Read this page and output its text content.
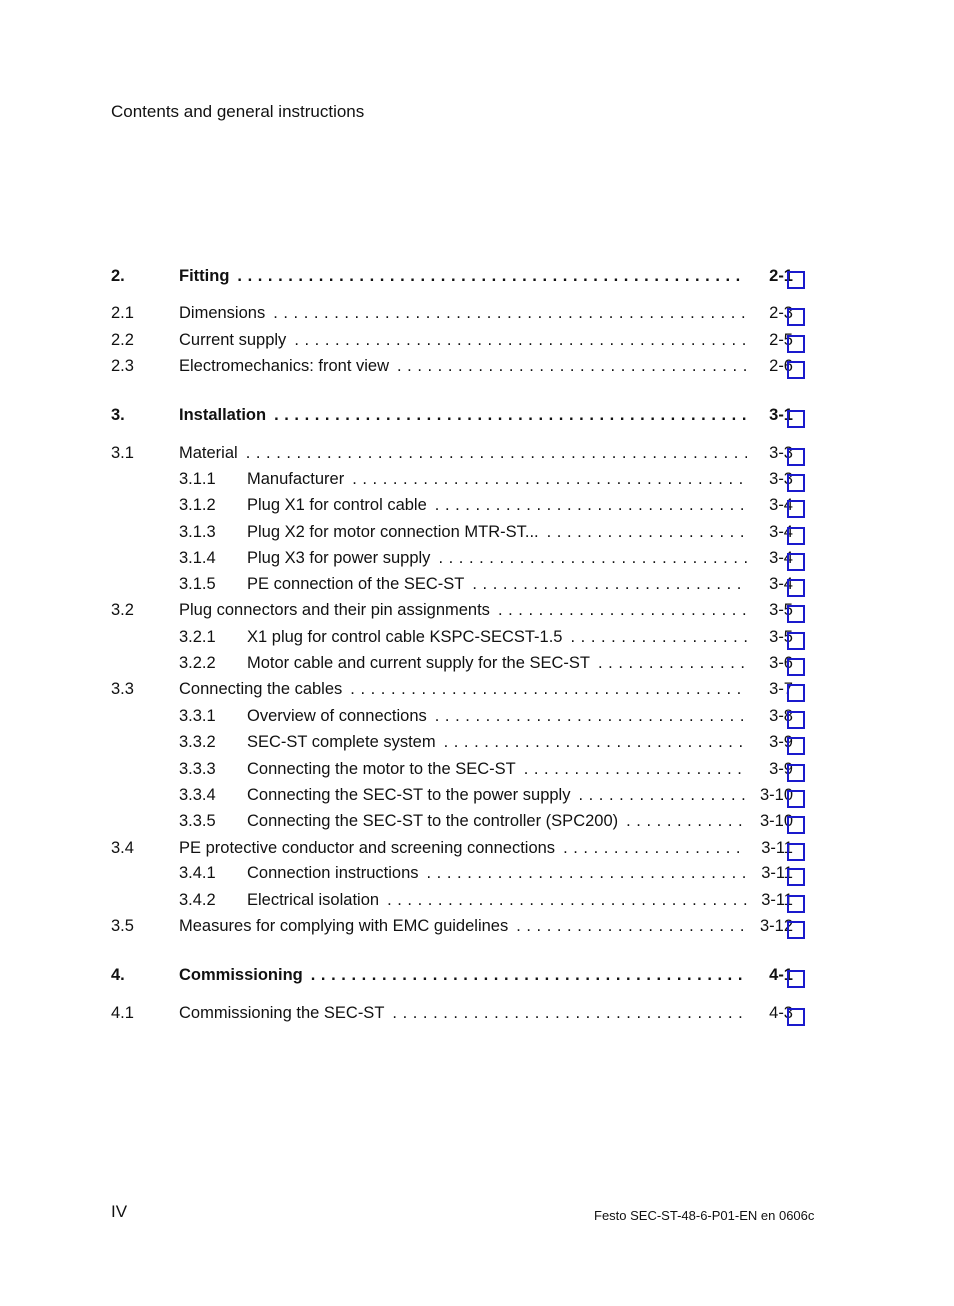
Contents and general instructions
2.	Fitting . . .	2-1
2.1	Dimensions . . .	2-3
2.2	Current supply . . .	2-5
2.3	Electromechanics: front view . . .	2-6
3.	Installation . . .	3-1
3.1	Material . . .	3-3
3.1.1 Manufacturer . . .	3-3
3.1.2 Plug X1 for control cable . . .	3-4
3.1.3 Plug X2 for motor connection MTR-ST... . . .	3-4
3.1.4 Plug X3 for power supply . . .	3-4
3.1.5 PE connection of the SEC-ST . . .	3-4
3.2	Plug connectors and their pin assignments . . .	3-5
3.2.1 X1 plug for control cable KSPC-SECST-1.5 . . .	3-5
3.2.2 Motor cable and current supply for the SEC-ST . . .	3-6
3.3	Connecting the cables . . .	3-7
3.3.1 Overview of connections . . .	3-8
3.3.2 SEC-ST complete system . . .	3-9
3.3.3 Connecting the motor to the SEC-ST . . .	3-9
3.3.4 Connecting the SEC-ST to the power supply . . .	3-10
3.3.5 Connecting the SEC-ST to the controller (SPC200) . . .	3-10
3.4	PE protective conductor and screening connections . . .	3-11
3.4.1 Connection instructions . . .	3-11
3.4.2 Electrical isolation . . .	3-11
3.5	Measures for complying with EMC guidelines . . .	3-12
4.	Commissioning . . .	4-1
4.1	Commissioning the SEC-ST . . .	4-3
IV	Festo SEC-ST-48-6-P01-EN en 0606c
